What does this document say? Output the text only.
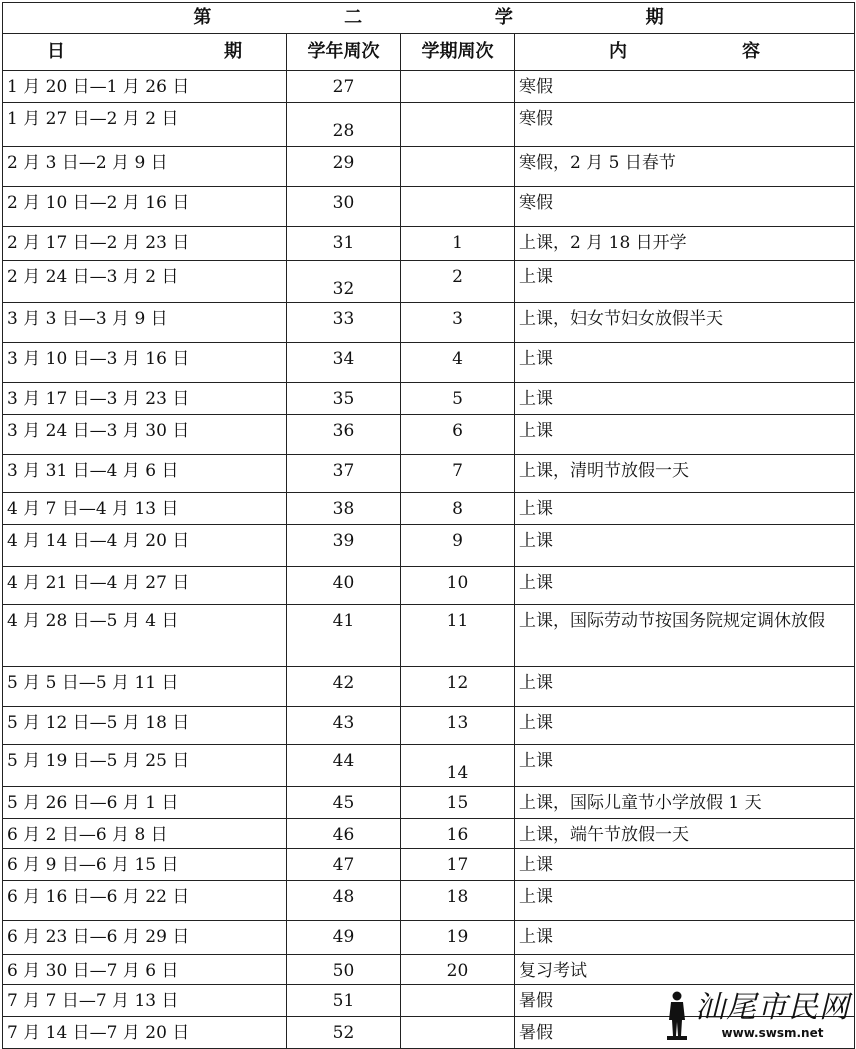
第 二 学 期			

日 期	学年周次	学期周次	内 容

1 月 20 日—1 月 26 日	27		寒假
1 月 27 日—2 月 2 日	28		寒假
2 月 3 日—2 月 9 日	29		寒假，2 月 5 日春节
2 月 10 日—2 月 16 日	30		寒假
2 月 17 日—2 月 23 日	31	1	上课，2 月 18 日开学
2 月 24 日—3 月 2 日	32	2	上课
3 月 3 日—3 月 9 日	33	3	上课，妇女节妇女放假半天
3 月 10 日—3 月 16 日	34	4	上课
3 月 17 日—3 月 23 日	35	5	上课
3 月 24 日—3 月 30 日	36	6	上课
3 月 31 日—4 月 6 日	37	7	上课，清明节放假一天
4 月 7 日—4 月 13 日	38	8	上课
4 月 14 日—4 月 20 日	39	9	上课
4 月 21 日—4 月 27 日	40	10	上课
4 月 28 日—5 月 4 日	41	11	上课，国际劳动节按国务院规定调休放假
5 月 5 日—5 月 11 日	42	12	上课
5 月 12 日—5 月 18 日	43	13	上课
5 月 19 日—5 月 25 日	44	14	上课
5 月 26 日—6 月 1 日	45	15	上课，国际儿童节小学放假 1 天
6 月 2 日—6 月 8 日	46	16	上课，端午节放假一天
6 月 9 日—6 月 15 日	47	17	上课
6 月 16 日—6 月 22 日	48	18	上课
6 月 23 日—6 月 29 日	49	19	上课
6 月 30 日—7 月 6 日	50	20	复习考试
7 月 7 日—7 月 13 日	51		暑假
7 月 14 日—7 月 20 日	52		暑假
汕尾市民网
www.swsm.net
